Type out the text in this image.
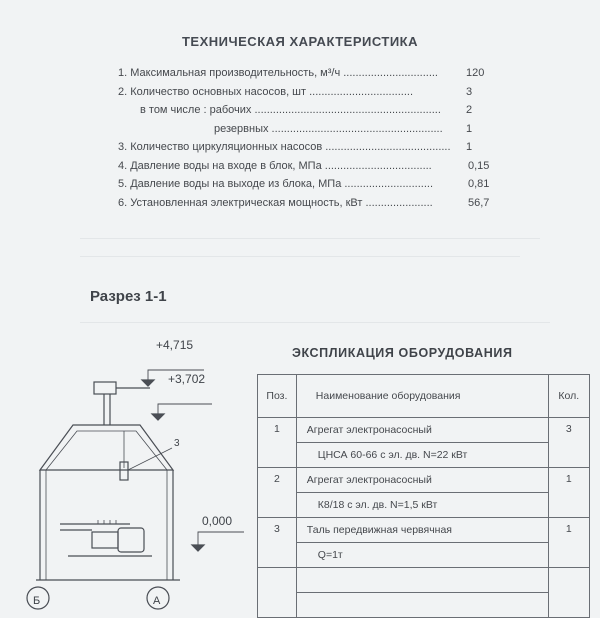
ТЕХНИЧЕСКАЯ ХАРАКТЕРИСТИКА
1. Максимальная производительность, м³/ч ...............................	120
2. Количество основных насосов, шт ..................................	3
в том числе : рабочих ............................................................. 2
резервных ........................................................ 1
3. Количество циркуляционных насосов ......................................... 1
4. Давление воды на входе в блок, МПа ...................................	0,15
5. Давление воды на выходе из блока, МПа .............................	0,81
6. Установленная электрическая мощность, кВт ......................	56,7
Разрез 1-1
3
Б	А
+4,715
+3,702
0,000
ЭКСПЛИКАЦИЯ ОБОРУДОВАНИЯ
Поз.	Наименование оборудования	Кол.
1	Агрегат электронасосный	3
	ЦНСА 60-66 с эл. дв. N=22 кВт	
2	Агрегат электронасосный	1
	К8/18 с эл. дв. N=1,5 кВт	
3	Таль передвижная червячная	1
	Q=1т	
